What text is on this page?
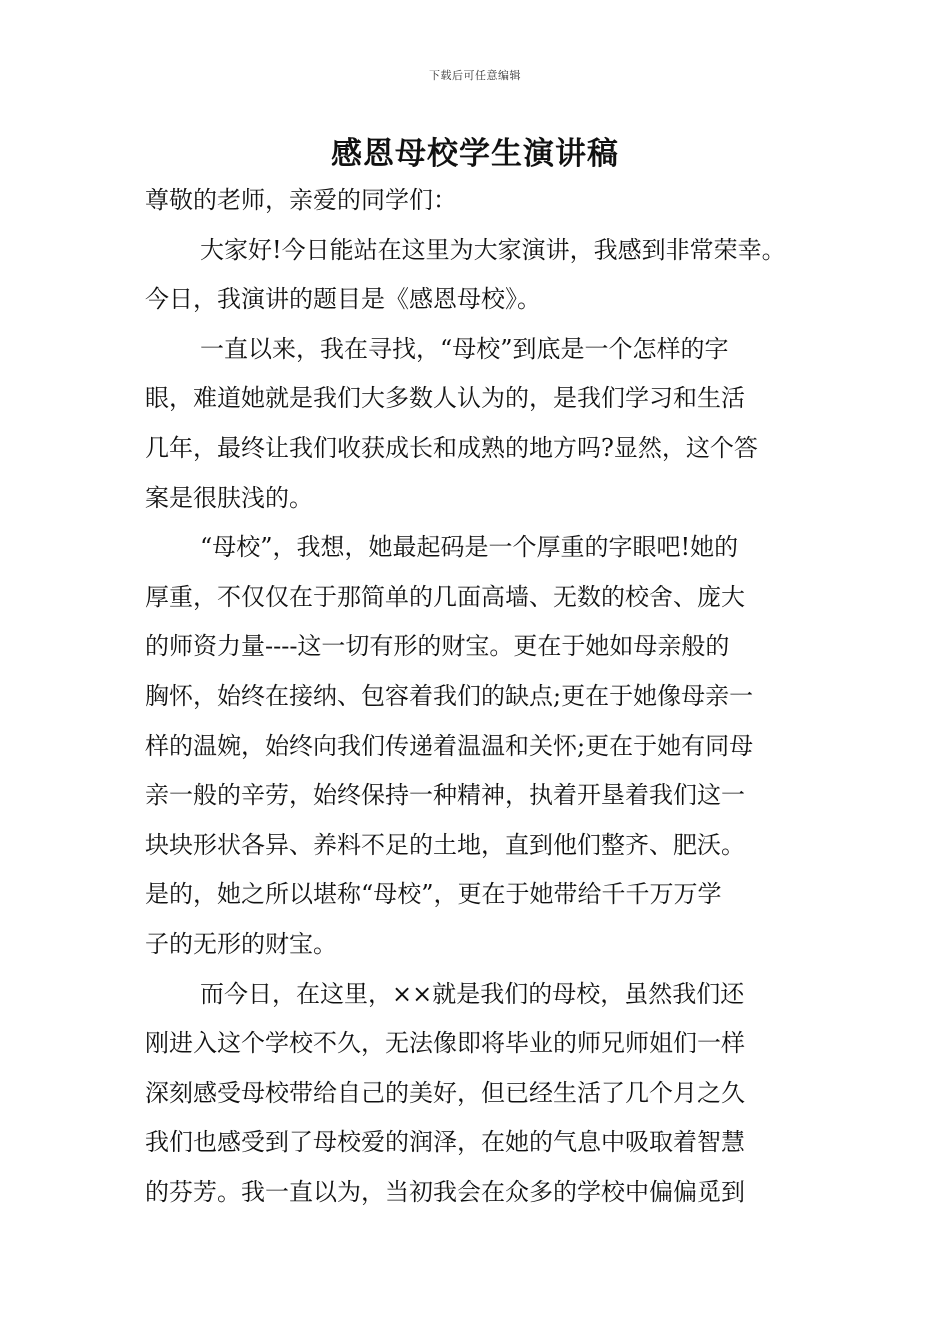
下载后可任意编辑
感恩母校学生演讲稿
尊敬的老师，亲爱的同学们：
大家好!今日能站在这里为大家演讲，我感到非常荣幸。
今日，我演讲的题目是《感恩母校》。
一直以来，我在寻找，“母校”到底是一个怎样的字
眼，难道她就是我们大多数人认为的，是我们学习和生活
几年，最终让我们收获成长和成熟的地方吗?显然，这个答
案是很肤浅的。
“母校”，我想，她最起码是一个厚重的字眼吧!她的
厚重，不仅仅在于那简单的几面高墙、无数的校舍、庞大
的师资力量----这一切有形的财宝。更在于她如母亲般的
胸怀，始终在接纳、包容着我们的缺点;更在于她像母亲一
样的温婉，始终向我们传递着温温和关怀;更在于她有同母
亲一般的辛劳，始终保持一种精神，执着开垦着我们这一
块块形状各异、养料不足的土地，直到他们整齐、肥沃。
是的，她之所以堪称“母校”，更在于她带给千千万万学
子的无形的财宝。
而今日，在这里，××就是我们的母校，虽然我们还
刚进入这个学校不久，无法像即将毕业的师兄师姐们一样
深刻感受母校带给自己的美好，但已经生活了几个月之久
我们也感受到了母校爱的润泽，在她的气息中吸取着智慧
的芬芳。我一直以为，当初我会在众多的学校中偏偏觅到
